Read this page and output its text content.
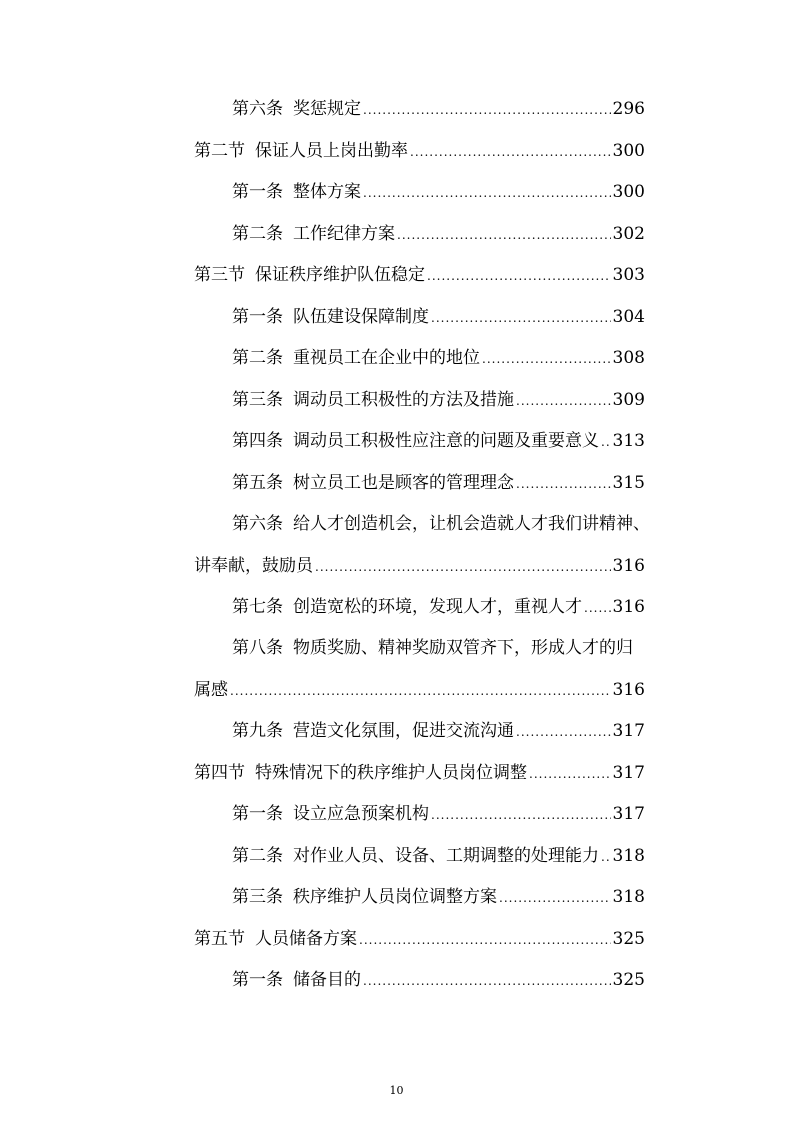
第六条 奖惩规定 .....	296
第二节 保证人员上岗出勤率 .....	300
第一条 整体方案 .....	300
第二条 工作纪律方案 .....	302
第三节 保证秩序维护队伍稳定 .....	303
第一条 队伍建设保障制度 .....	304
第二条 重视员工在企业中的地位 .....	308
第三条 调动员工积极性的方法及措施 .....	309
第四条 调动员工积极性应注意的问题及重要意义 ..... 313
第五条 树立员工也是顾客的管理理念 .....	315
第六条 给人才创造机会，让机会造就人才我们讲精神、
讲奉献，鼓励员 .....	316
第七条 创造宽松的环境，发现人才，重视人才 ..... 316
第八条 物质奖励、精神奖励双管齐下，形成人才的归
属感 .....	316
第九条 营造文化氛围，促进交流沟通 .....	317
第四节 特殊情况下的秩序维护人员岗位调整 .....	317
第一条 设立应急预案机构 .....	317
第二条 对作业人员、设备、工期调整的处理能力 ..... 318
第三条 秩序维护人员岗位调整方案 .....	318
第五节 人员储备方案 .....	325
第一条 储备目的 .....	325
10
